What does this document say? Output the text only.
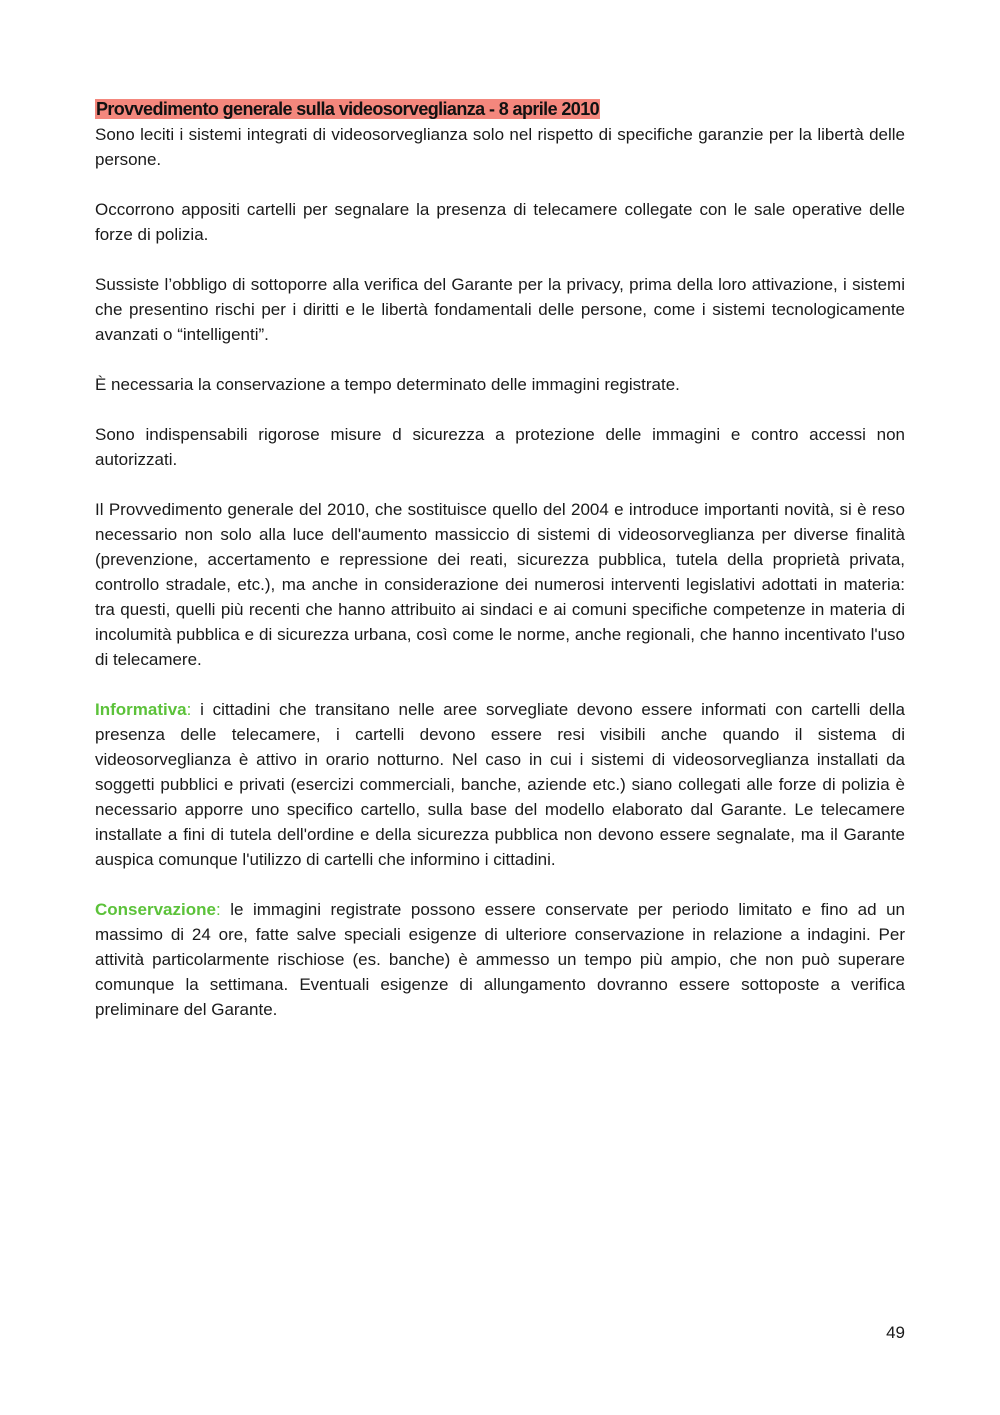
Provvedimento generale sulla videosorveglianza - 8 aprile 2010

Sono leciti i sistemi integrati di videosorveglianza solo nel rispetto di specifiche garanzie per la libertà delle persone.

Occorrono appositi cartelli per segnalare la presenza di telecamere collegate con le sale operative delle forze di polizia.

Sussiste l’obbligo di sottoporre alla verifica del Garante per la privacy, prima della loro attivazione, i sistemi che presentino rischi per i diritti e le libertà fondamentali delle persone, come i sistemi tecnologicamente avanzati o “intelligenti”.

È necessaria la conservazione a tempo determinato delle immagini registrate.

Sono indispensabili rigorose misure d sicurezza a protezione delle immagini e contro accessi non autorizzati.

Il Provvedimento generale del 2010, che sostituisce quello del 2004 e introduce importanti novità, si è reso necessario non solo alla luce dell'aumento massiccio di sistemi di videosorveglianza per diverse finalità (prevenzione, accertamento e repressione dei reati, sicurezza pubblica, tutela della proprietà privata, controllo stradale, etc.), ma anche in considerazione dei numerosi interventi legislativi adottati in materia: tra questi, quelli più recenti che hanno attribuito ai sindaci e ai comuni specifiche competenze in materia di incolumità pubblica e di sicurezza urbana, così come le norme, anche regionali, che hanno incentivato l'uso di telecamere.

Informativa: i cittadini che transitano nelle aree sorvegliate devono essere informati con cartelli della presenza delle telecamere, i cartelli devono essere resi visibili anche quando il sistema di videosorveglianza è attivo in orario notturno. Nel caso in cui i sistemi di videosorveglianza installati da soggetti pubblici e privati (esercizi commerciali, banche, aziende etc.) siano collegati alle forze di polizia è necessario apporre uno specifico cartello, sulla base del modello elaborato dal Garante. Le telecamere installate a fini di tutela dell'ordine e della sicurezza pubblica non devono essere segnalate, ma il Garante auspica comunque l'utilizzo di cartelli che informino i cittadini.

Conservazione: le immagini registrate possono essere conservate per periodo limitato e fino ad un massimo di 24 ore, fatte salve speciali esigenze di ulteriore conservazione in relazione a indagini. Per attività particolarmente rischiose (es. banche) è ammesso un tempo più ampio, che non può superare comunque la settimana. Eventuali esigenze di allungamento dovranno essere sottoposte a verifica preliminare del Garante.

49
